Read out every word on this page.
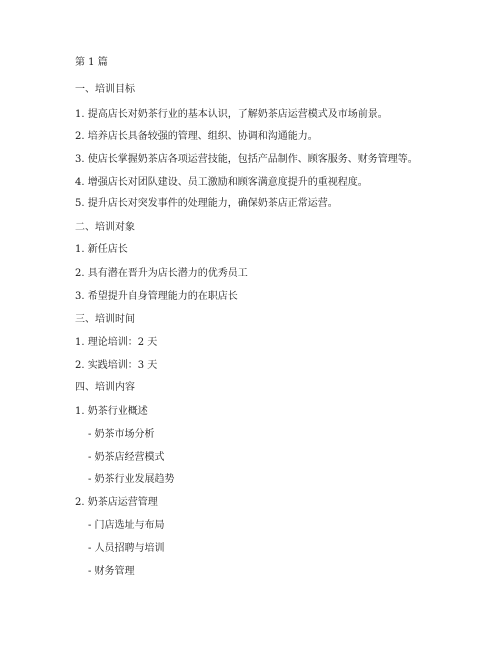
第 1 篇
一、培训目标
1. 提高店长对奶茶行业的基本认识，了解奶茶店运营模式及市场前景。
2. 培养店长具备较强的管理、组织、协调和沟通能力。
3. 使店长掌握奶茶店各项运营技能，包括产品制作、顾客服务、财务管理等。
4. 增强店长对团队建设、员工激励和顾客满意度提升的重视程度。
5. 提升店长对突发事件的处理能力，确保奶茶店正常运营。
二、培训对象
1. 新任店长
2. 具有潜在晋升为店长潜力的优秀员工
3. 希望提升自身管理能力的在职店长
三、培训时间
1. 理论培训：2 天
2. 实践培训：3 天
四、培训内容
1. 奶茶行业概述
- 奶茶市场分析
- 奶茶店经营模式
- 奶茶行业发展趋势
2. 奶茶店运营管理
- 门店选址与布局
- 人员招聘与培训
- 财务管理
